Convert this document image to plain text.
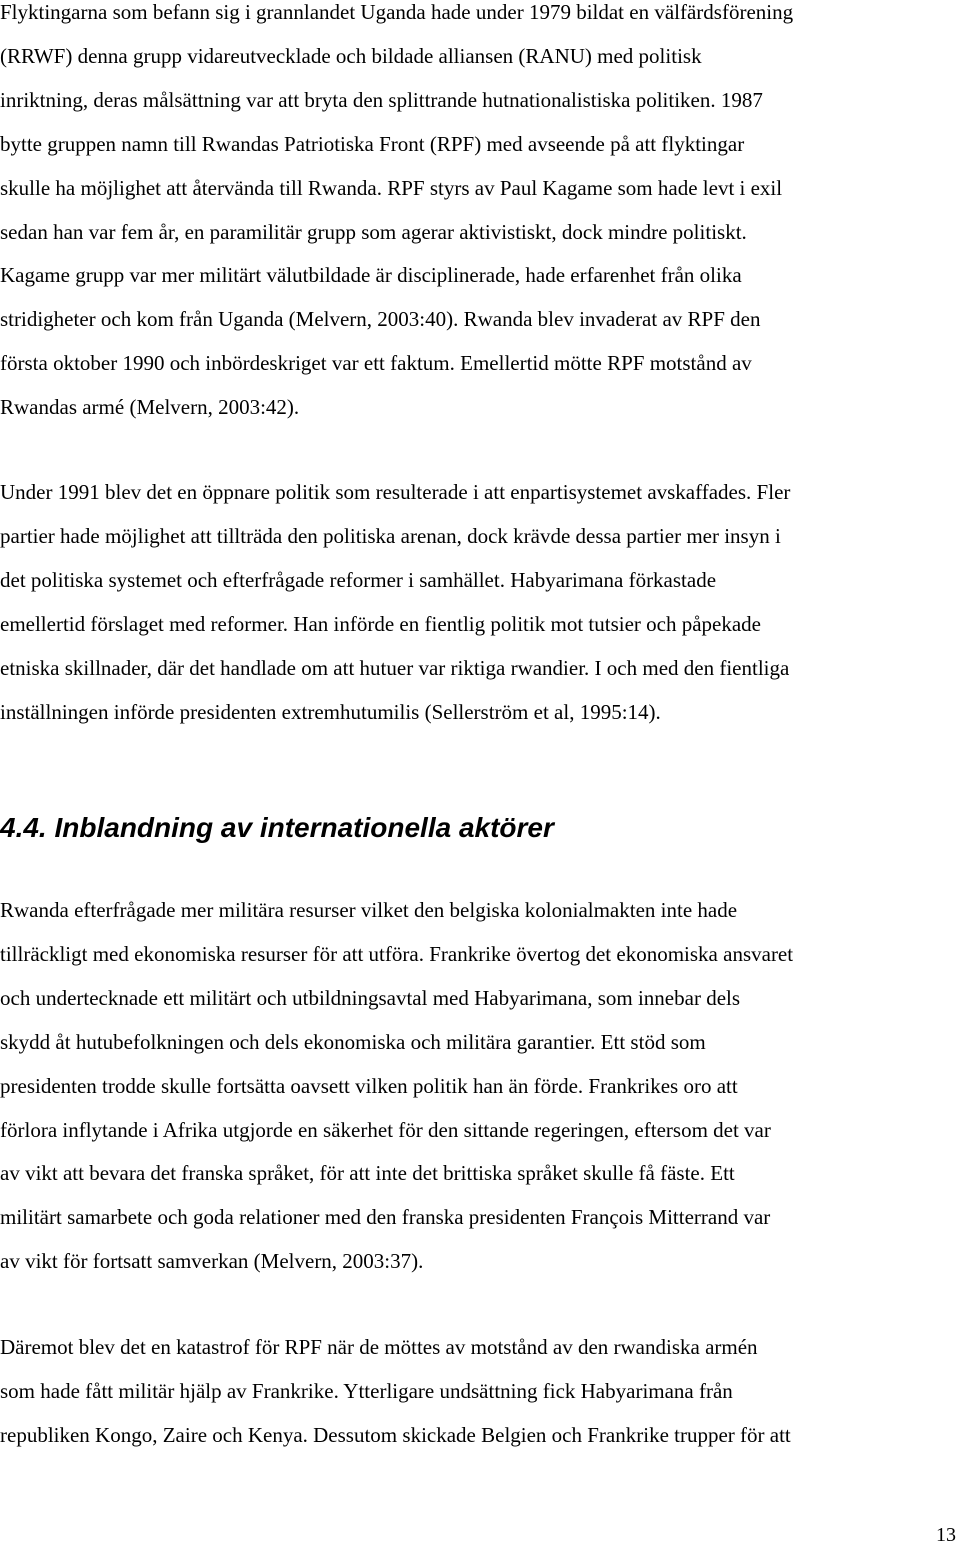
Flyktingarna som befann sig i grannlandet Uganda hade under 1979 bildat en välfärdsförening
(RRWF) denna grupp vidareutvecklade och bildade alliansen (RANU) med politisk
inriktning, deras målsättning var att bryta den splittrande hutnationalistiska politiken. 1987
bytte gruppen namn till Rwandas Patriotiska Front (RPF) med avseende på att flyktingar
skulle ha möjlighet att återvända till Rwanda. RPF styrs av Paul Kagame som hade levt i exil
sedan han var fem år, en paramilitär grupp som agerar aktivistiskt, dock mindre politiskt.
Kagame grupp var mer militärt välutbildade är disciplinerade, hade erfarenhet från olika
stridigheter och kom från Uganda (Melvern, 2003:40). Rwanda blev invaderat av RPF den
första oktober 1990 och inbördeskriget var ett faktum. Emellertid mötte RPF motstånd av
Rwandas armé (Melvern, 2003:42).

Under 1991 blev det en öppnare politik som resulterade i att enpartisystemet avskaffades. Fler
partier hade möjlighet att tillträda den politiska arenan, dock krävde dessa partier mer insyn i
det politiska systemet och efterfrågade reformer i samhället. Habyarimana förkastade
emellertid förslaget med reformer. Han införde en fientlig politik mot tutsier och påpekade
etniska skillnader, där det handlade om att hutuer var riktiga rwandier. I och med den fientliga
inställningen införde presidenten extremhutumilis (Sellerström et al, 1995:14).

4.4. Inblandning av internationella aktörer

Rwanda efterfrågade mer militära resurser vilket den belgiska kolonialmakten inte hade
tillräckligt med ekonomiska resurser för att utföra. Frankrike övertog det ekonomiska ansvaret
och undertecknade ett militärt och utbildningsavtal med Habyarimana, som innebar dels
skydd åt hutubefolkningen och dels ekonomiska och militära garantier. Ett stöd som
presidenten trodde skulle fortsätta oavsett vilken politik han än förde. Frankrikes oro att
förlora inflytande i Afrika utgjorde en säkerhet för den sittande regeringen, eftersom det var
av vikt att bevara det franska språket, för att inte det brittiska språket skulle få fäste. Ett
militärt samarbete och goda relationer med den franska presidenten François Mitterrand var
av vikt för fortsatt samverkan (Melvern, 2003:37).

Däremot blev det en katastrof för RPF när de möttes av motstånd av den rwandiska armén
som hade fått militär hjälp av Frankrike. Ytterligare undsättning fick Habyarimana från
republiken Kongo, Zaire och Kenya. Dessutom skickade Belgien och Frankrike trupper för att

13
